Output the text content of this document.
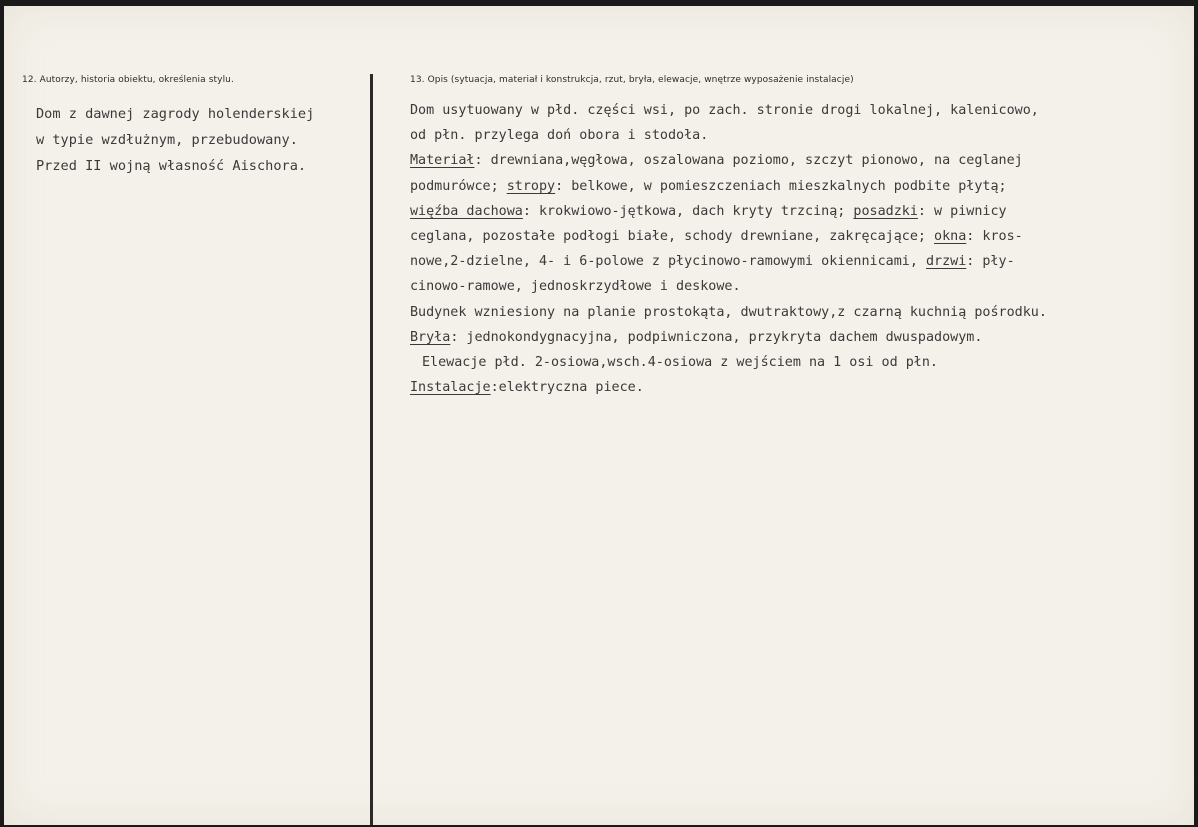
12. Autorzy, historia obiektu, określenia stylu.	13. Opis (sytuacja, materiał i konstrukcja, rzut, bryła, elewacje, wnętrze wyposażenie instalacje)
Dom z dawnej zagrody holenderskiej
w typie wzdłużnym, przebudowany.
Przed II wojną własność Aischora.
Dom usytuowany w płd. części wsi, po zach. stronie drogi lokalnej, kalenicowo,
od płn. przylega doń obora i stodoła.
Materiał: drewniana,węgłowa, oszalowana poziomo, szczyt pionowo, na ceglanej
podmurówce; stropy: belkowe, w pomieszczeniach mieszkalnych podbite płytą;
więźba dachowa: krokwiowo-jętkowa, dach kryty trzciną; posadzki: w piwnicy
ceglana, pozostałe podłogi białe, schody drewniane, zakręcające; okna: kros-
nowe,2-dzielne, 4- i 6-polowe z płycinowo-ramowymi okiennicami, drzwi: pły-
cinowo-ramowe, jednoskrzydłowe i deskowe.
Budynek wzniesiony na planie prostokąta, dwutraktowy,z czarną kuchnią pośrodku.
Bryła: jednokondygnacyjna, podpiwniczona, przykryta dachem dwuspadowym.
Elewacje płd. 2-osiowa,wsch.4-osiowa z wejściem na 1 osi od płn.
Instalacje:elektryczna piece.
